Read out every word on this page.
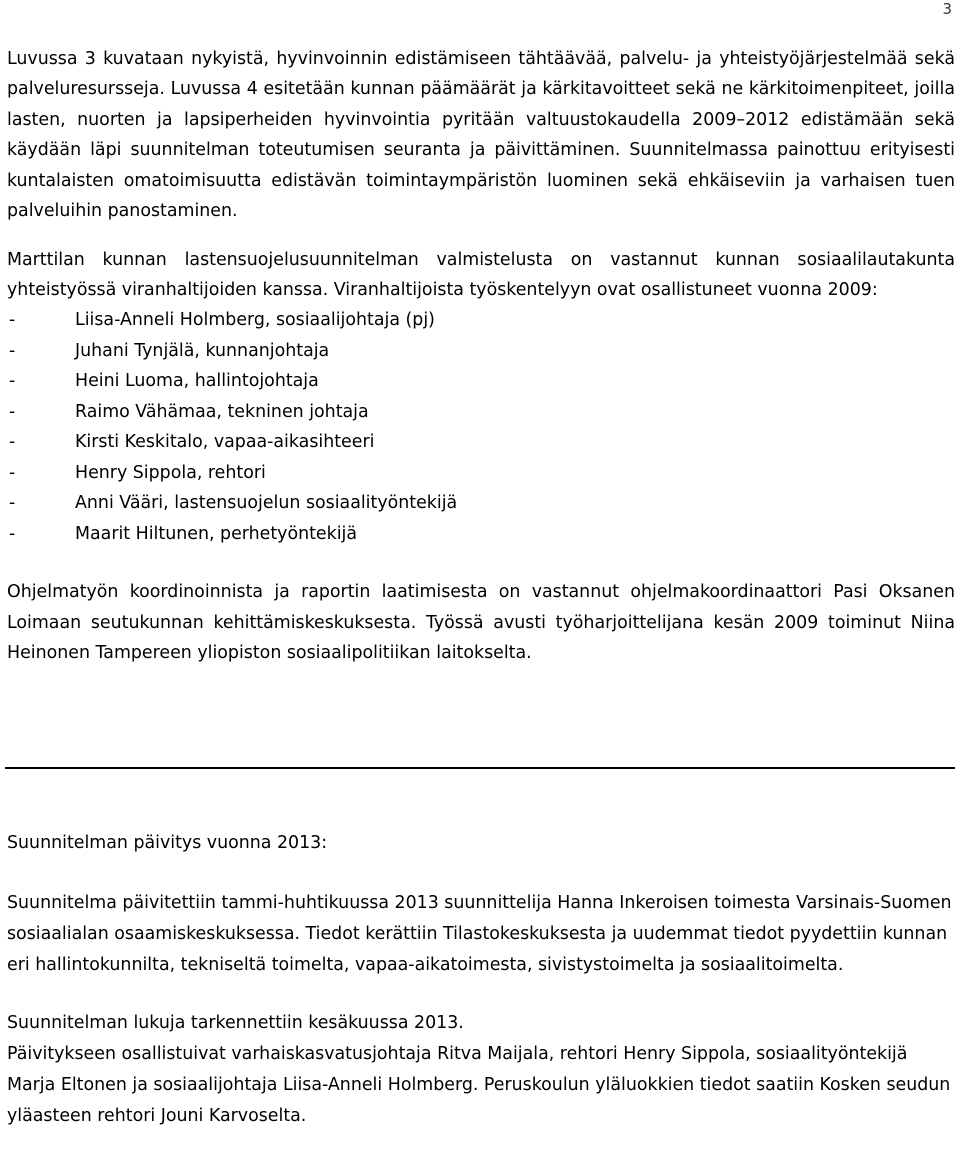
3

Luvussa 3 kuvataan nykyistä, hyvinvoinnin edistämiseen tähtäävää, palvelu- ja yhteistyöjärjestelmää sekä palveluresursseja. Luvussa 4 esitetään kunnan päämäärät ja kärkitavoitteet sekä ne kärkitoimenpiteet, joilla lasten, nuorten ja lapsiperheiden hyvinvointia pyritään valtuustokaudella 2009–2012 edistämään sekä käydään läpi suunnitelman toteutumisen seuranta ja päivittäminen. Suunnitelmassa painottuu erityisesti kuntalaisten omatoimisuutta edistävän toimintaympäristön luominen sekä ehkäiseviin ja varhaisen tuen palveluihin panostaminen.

Marttilan kunnan lastensuojelusuunnitelman valmistelusta on vastannut kunnan sosiaalilautakunta yhteistyössä viranhaltijoiden kanssa. Viranhaltijoista työskentelyyn ovat osallistuneet vuonna 2009:

-	Liisa-Anneli Holmberg, sosiaalijohtaja (pj)
-	Juhani Tynjälä, kunnanjohtaja
-	Heini Luoma, hallintojohtaja
-	Raimo Vähämaa, tekninen johtaja
-	Kirsti Keskitalo, vapaa-aikasihteeri
-	Henry Sippola, rehtori
-	Anni Vääri, lastensuojelun sosiaalityöntekijä
-	Maarit Hiltunen, perhetyöntekijä

Ohjelmatyön koordinoinnista ja raportin laatimisesta on vastannut ohjelmakoordinaattori Pasi Oksanen Loimaan seutukunnan kehittämiskeskuksesta. Työssä avusti työharjoittelijana kesän 2009 toiminut Niina Heinonen Tampereen yliopiston sosiaalipolitiikan laitokselta.

Suunnitelman päivitys vuonna 2013:

Suunnitelma päivitettiin tammi-huhtikuussa 2013 suunnittelija Hanna Inkeroisen toimesta Varsinais-Suomen sosiaalialan osaamiskeskuksessa. Tiedot kerättiin Tilastokeskuksesta ja uudemmat tiedot pyydettiin kunnan eri hallintokunnilta, tekniseltä toimelta, vapaa-aikatoimesta, sivistystoimelta ja sosiaalitoimelta.

Suunnitelman lukuja tarkennettiin kesäkuussa 2013.

Päivitykseen osallistuivat varhaiskasvatusjohtaja Ritva Maijala, rehtori Henry Sippola, sosiaalityöntekijä Marja Eltonen ja sosiaalijohtaja Liisa-Anneli Holmberg. Peruskoulun yläluokkien tiedot saatiin Kosken seudun yläasteen rehtori Jouni Karvoselta.
